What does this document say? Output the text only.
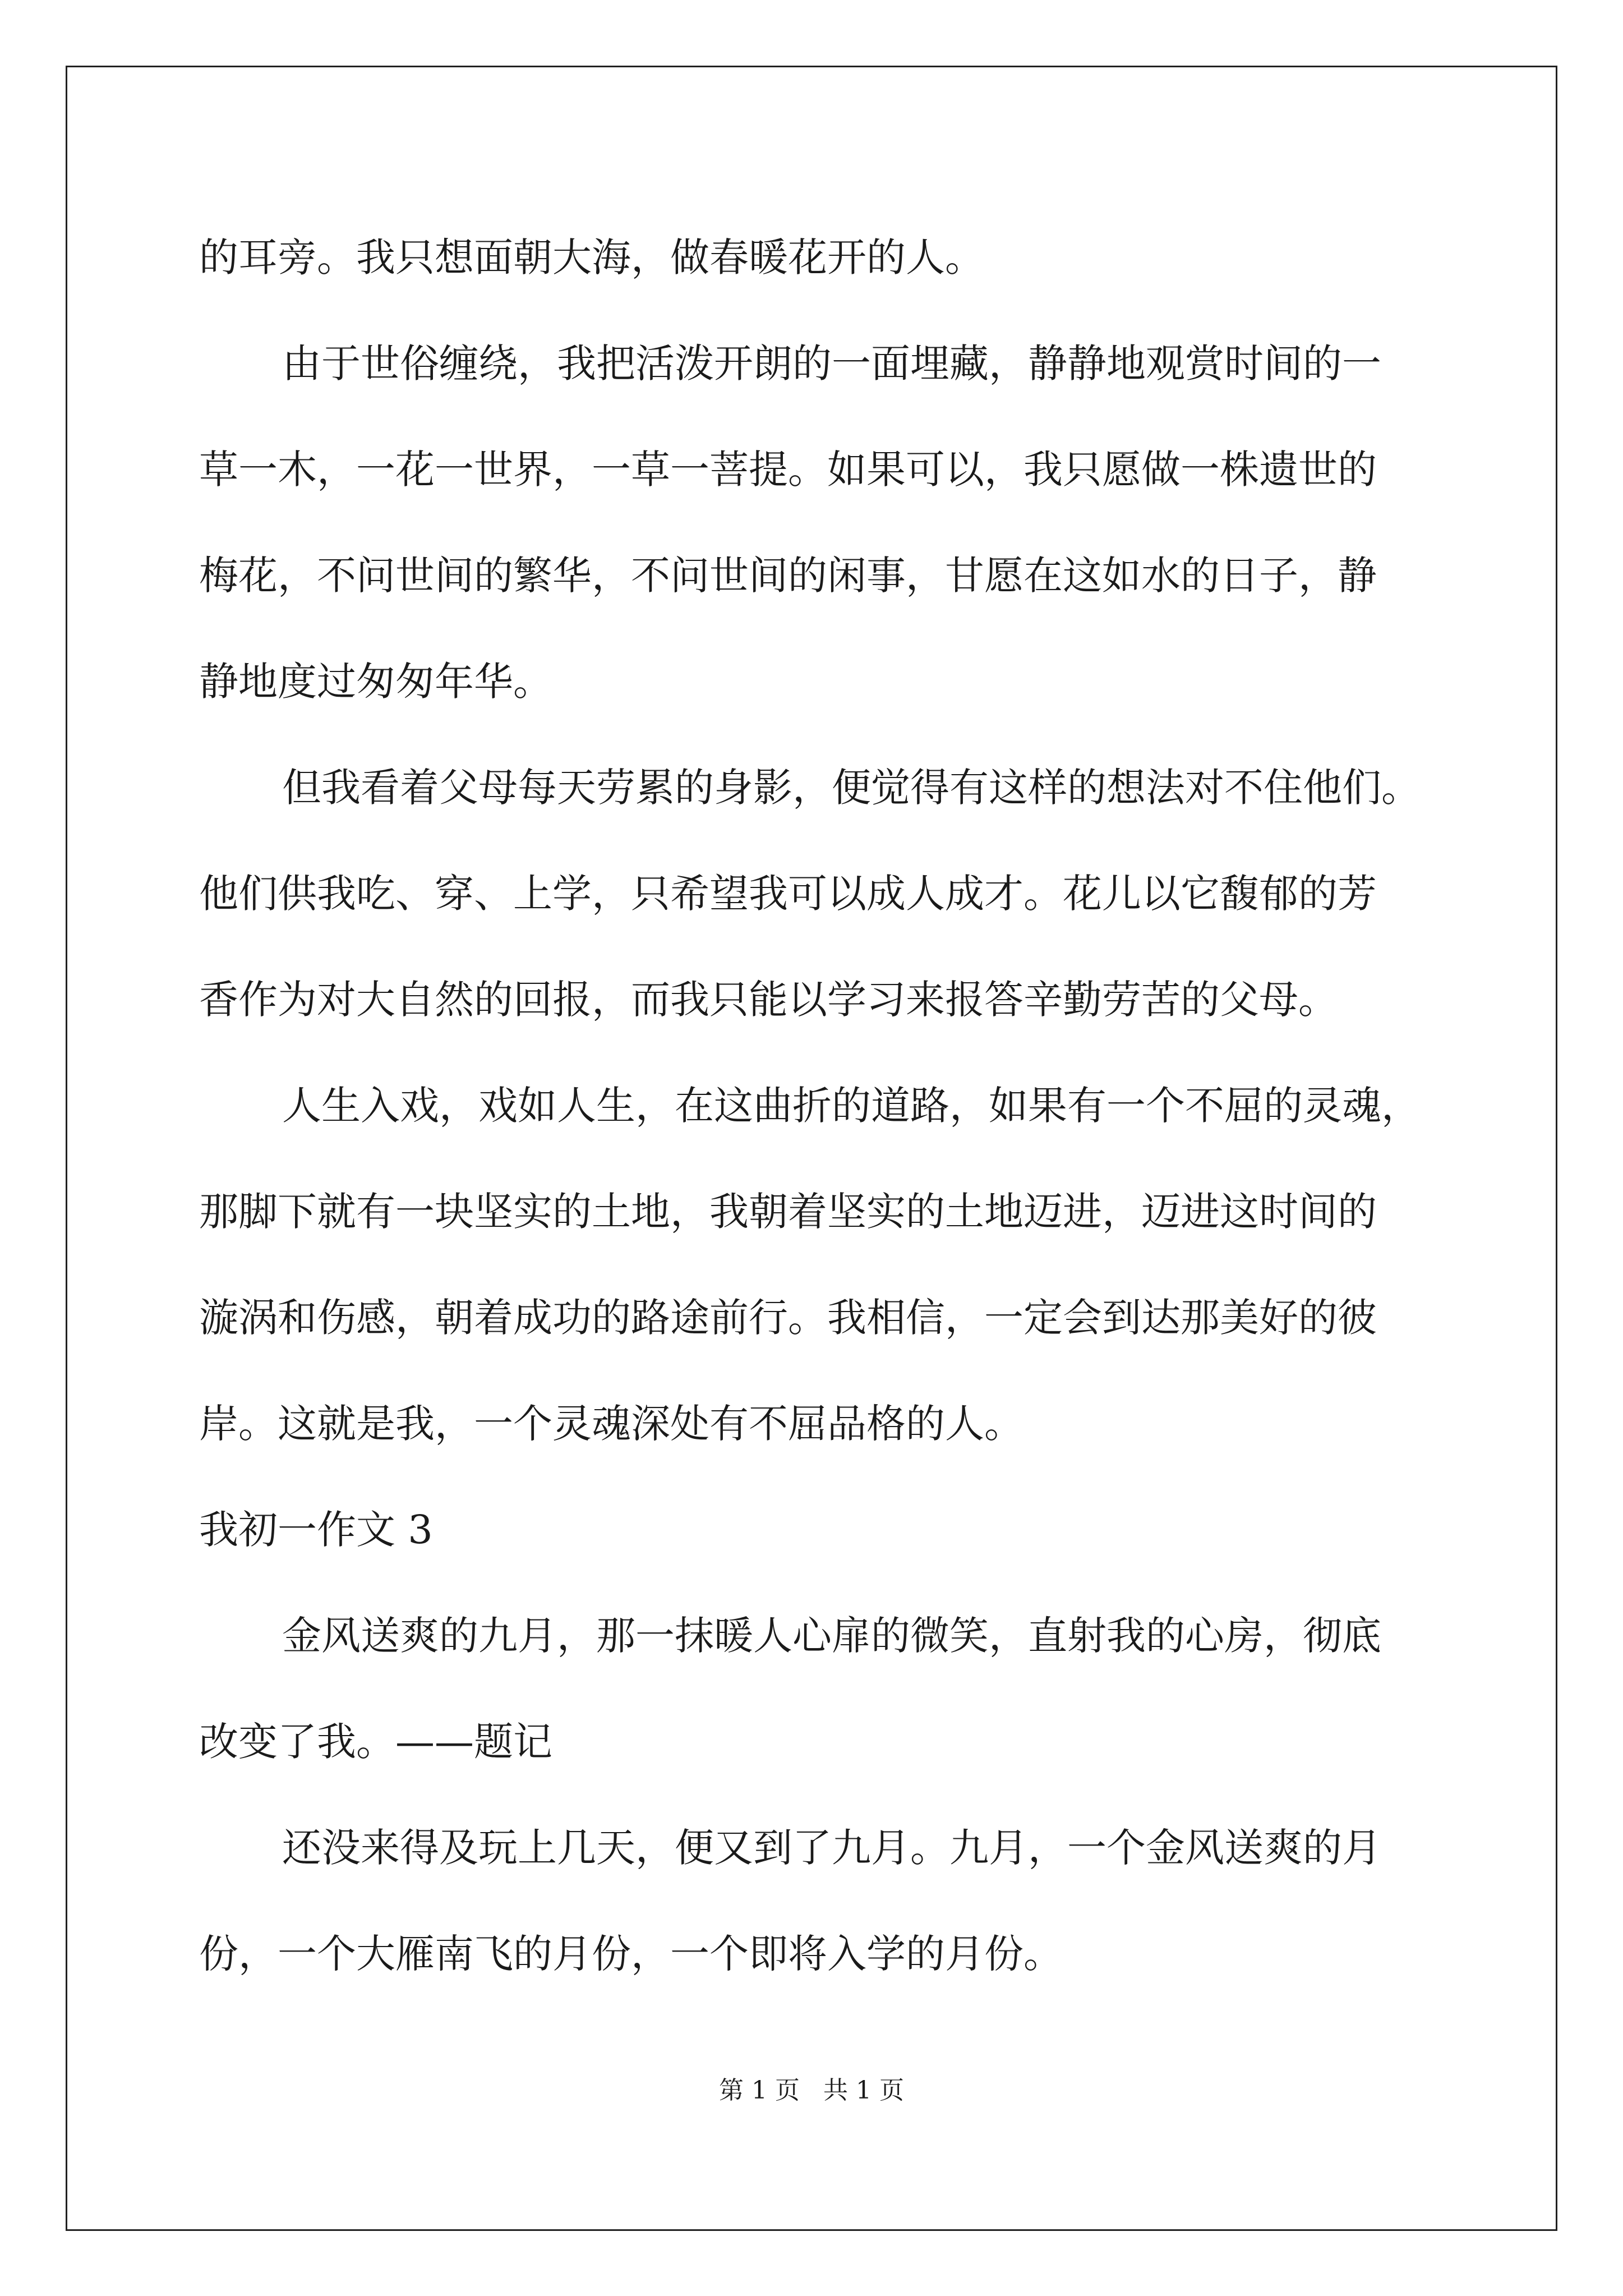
的耳旁。我只想面朝大海，做春暖花开的人。

由于世俗缠绕，我把活泼开朗的一面埋藏，静静地观赏时间的一

草一木，一花一世界，一草一菩提。如果可以，我只愿做一株遗世的

梅花，不问世间的繁华，不问世间的闲事，甘愿在这如水的日子，静

静地度过匆匆年华。

但我看着父母每天劳累的身影，便觉得有这样的想法对不住他们。

他们供我吃、穿、上学，只希望我可以成人成才。花儿以它馥郁的芳

香作为对大自然的回报，而我只能以学习来报答辛勤劳苦的父母。

人生入戏，戏如人生，在这曲折的道路，如果有一个不屈的灵魂，

那脚下就有一块坚实的土地，我朝着坚实的土地迈进，迈进这时间的

漩涡和伤感，朝着成功的路途前行。我相信，一定会到达那美好的彼

岸。这就是我，一个灵魂深处有不屈品格的人。

我初一作文 3

金风送爽的九月，那一抹暖人心扉的微笑，直射我的心房，彻底

改变了我。——题记

还没来得及玩上几天，便又到了九月。九月，一个金风送爽的月

份，一个大雁南飞的月份，一个即将入学的月份。

第 1 页   共 1 页
